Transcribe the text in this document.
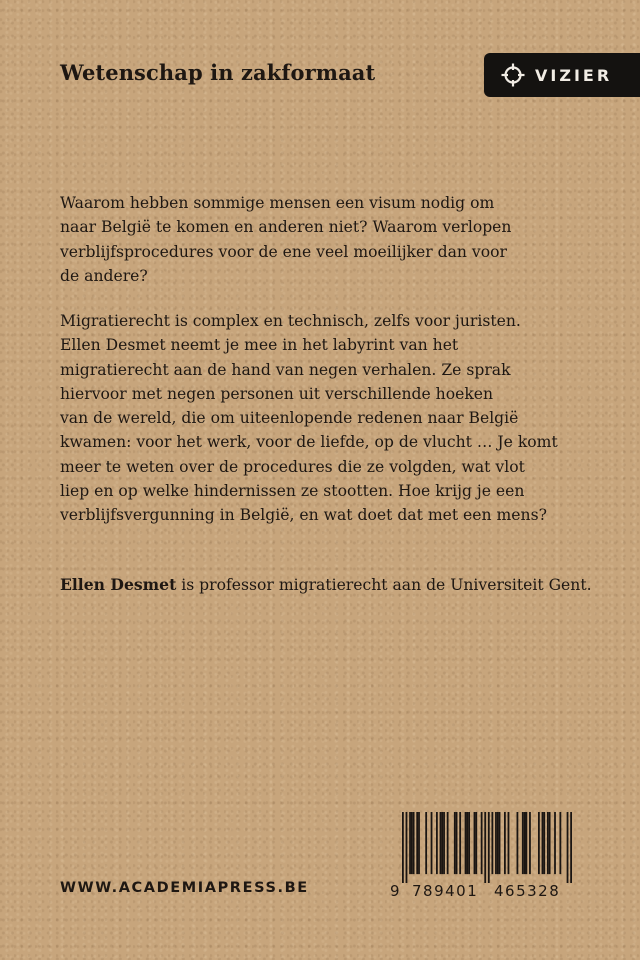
Wetenschap in zakformaat	VIZIER

Waarom hebben sommige mensen een visum nodig om
naar België te komen en anderen niet? Waarom verlopen
verblijfsprocedures voor de ene veel moeilijker dan voor
de andere?

Migratierecht is complex en technisch, zelfs voor juristen.
Ellen Desmet neemt je mee in het labyrint van het
migratierecht aan de hand van negen verhalen. Ze sprak
hiervoor met negen personen uit verschillende hoeken
van de wereld, die om uiteenlopende redenen naar België
kwamen: voor het werk, voor de liefde, op de vlucht … Je komt
meer te weten over de procedures die ze volgden, wat vlot
liep en op welke hindernissen ze stootten. Hoe krijg je een
verblijfsvergunning in België, en wat doet dat met een mens?

Ellen Desmet is professor migratierecht aan de Universiteit Gent.

WWW.ACADEMIAPRESS.BE	9 789401 465328
